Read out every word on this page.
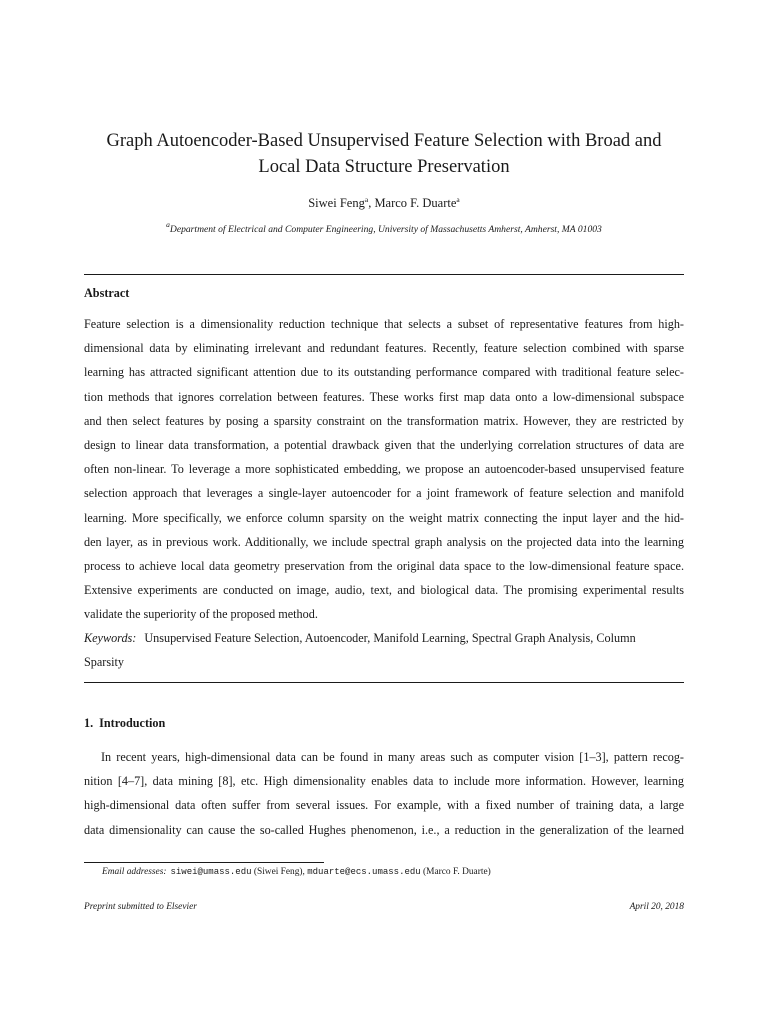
Graph Autoencoder-Based Unsupervised Feature Selection with Broad and
Local Data Structure Preservation
Siwei Feng$^a$, Marco F. Duarte$^a$
$^a$Department of Electrical and Computer Engineering, University of Massachusetts Amherst, Amherst, MA 01003
Abstract
Feature selection is a dimensionality reduction technique that selects a subset of representative features from high-
dimensional data by eliminating irrelevant and redundant features. Recently, feature selection combined with sparse
learning has attracted significant attention due to its outstanding performance compared with traditional feature selec-
tion methods that ignores correlation between features. These works first map data onto a low-dimensional subspace
and then select features by posing a sparsity constraint on the transformation matrix. However, they are restricted by
design to linear data transformation, a potential drawback given that the underlying correlation structures of data are
often non-linear. To leverage a more sophisticated embedding, we propose an autoencoder-based unsupervised feature
selection approach that leverages a single-layer autoencoder for a joint framework of feature selection and manifold
learning. More specifically, we enforce column sparsity on the weight matrix connecting the input layer and the hid-
den layer, as in previous work. Additionally, we include spectral graph analysis on the projected data into the learning
process to achieve local data geometry preservation from the original data space to the low-dimensional feature space.
Extensive experiments are conducted on image, audio, text, and biological data. The promising experimental results
validate the superiority of the proposed method.
Keywords: Unsupervised Feature Selection, Autoencoder, Manifold Learning, Spectral Graph Analysis, Column
Sparsity
1. Introduction
In recent years, high-dimensional data can be found in many areas such as computer vision [1–3], pattern recog-
nition [4–7], data mining [8], etc. High dimensionality enables data to include more information. However, learning
high-dimensional data often suffer from several issues. For example, with a fixed number of training data, a large
data dimensionality can cause the so-called Hughes phenomenon, i.e., a reduction in the generalization of the learned
Email addresses: siwei@umass.edu (Siwei Feng), mduarte@ecs.umass.edu (Marco F. Duarte)
Preprint submitted to Elsevier	April 20, 2018
